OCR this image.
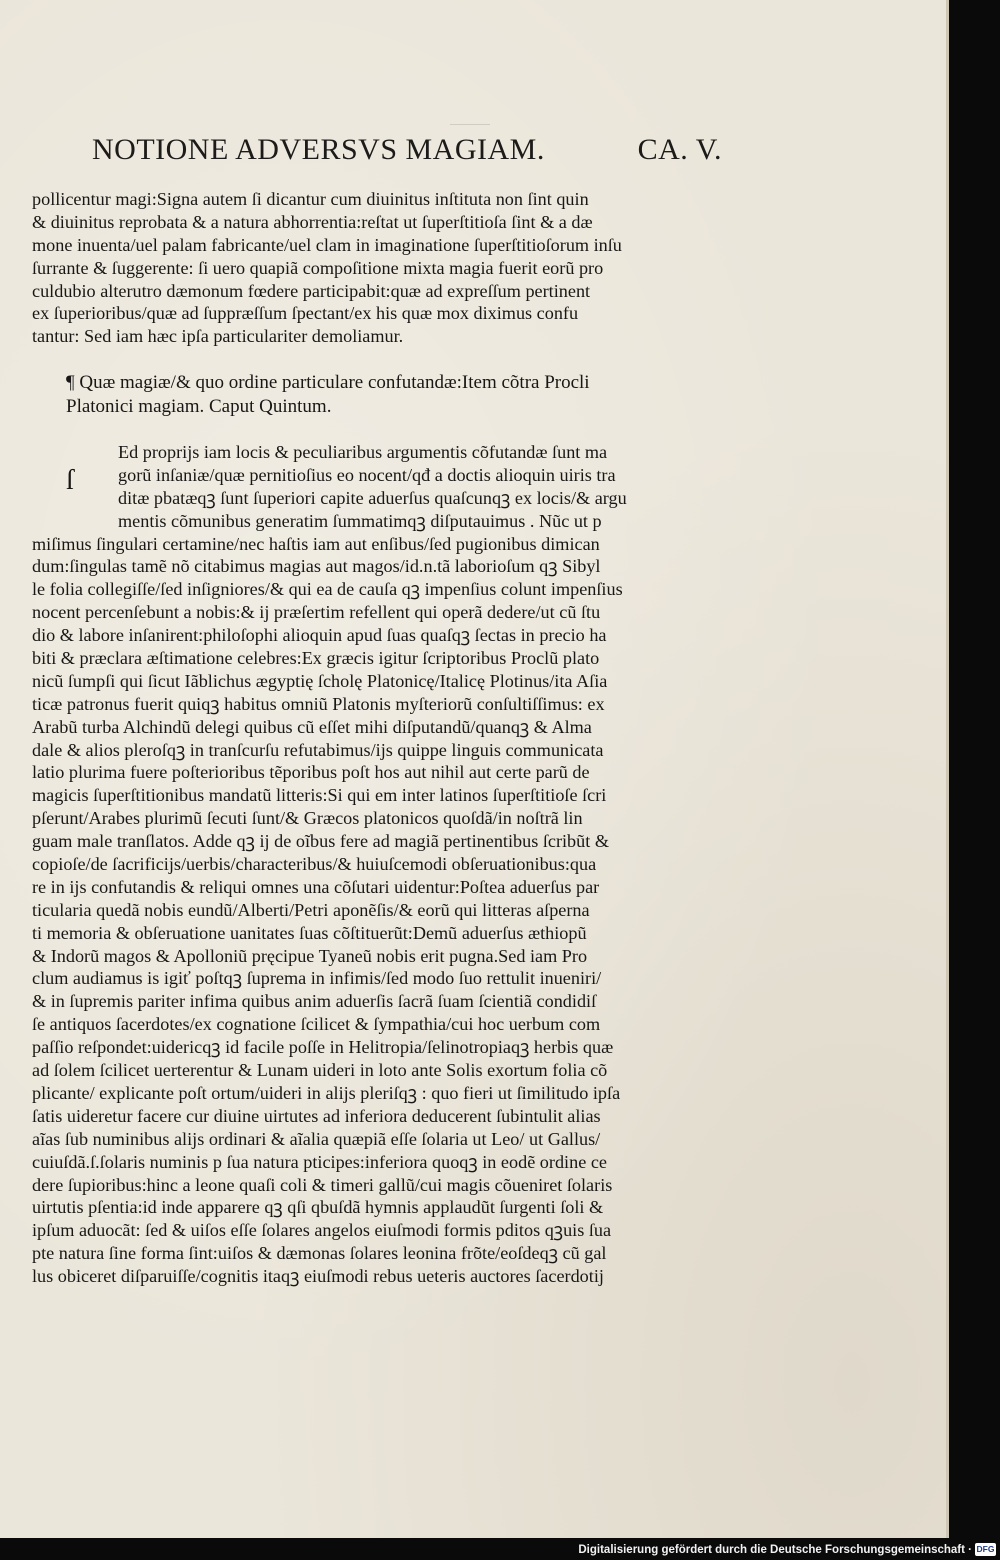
NOTIONE ADVERSVS MAGIAM.	CA. V.
pollicentur magi:Signa autem ſi dicantur cum diuinitus inſtituta non ſint quin
& diuinitus reprobata & a natura abhorrentia:reſtat ut ſuperſtitioſa ſint & a dæ
mone inuenta/uel palam fabricante/uel clam in imaginatione ſuperſtitioſorum inſu
ſurrante & ſuggerente: ſi uero quapiã compoſitione mixta magia fuerit eorũ pro
culdubio alterutro dæmonum fœdere participabit:quæ ad expreſſum pertinent
ex ſuperioribus/quæ ad ſuppræſſum ſpectant/ex his quæ mox diximus confu
tantur: Sed iam hæc ipſa particulariter demoliamur.
¶ Quæ magiæ/& quo ordine particulare confutandæ:Item cõtra Procli
Platonici magiam. Caput Quintum.
ſ
Ed proprijs iam locis & peculiaribus argumentis cõfutandæ ſunt ma
gorũ inſaniæ/quæ pernitioſius eo nocent/qđ a doctis alioquin uiris tra
ditæ pbatæqꝫ ſunt ſuperiori capite aduerſus quaſcunqꝫ ex locis/& argu
mentis cõmunibus generatim ſummatimqꝫ diſputauimus . Nũc ut p
miſimus ſingulari certamine/nec haſtis iam aut enſibus/ſed pugionibus dimican
dum:ſingulas tamẽ nõ citabimus magias aut magos/id.n.tã laborioſum qꝫ Sibyl
le folia collegiſſe/ſed inſigniores/& qui ea de cauſa qꝫ impenſius colunt impenſius
nocent percenſebunt a nobis:& ij præſertim refellent qui operã dedere/ut cũ ſtu
dio & labore inſanirent:philoſophi alioquin apud ſuas quaſqꝫ ſectas in precio ha
biti & præclara æſtimatione celebres:Ex græcis igitur ſcriptoribus Proclũ plato
nicũ ſumpſi qui ſicut Iãblichus ægyptię ſcholę Platonicę/Italicę Plotinus/ita Aſia
ticæ patronus fuerit quiqꝫ habitus omniũ Platonis myſteriorũ conſultiſſimus: ex
Arabũ turba Alchindũ delegi quibus cũ eſſet mihi diſputandũ/quanqꝫ & Alma
dale & alios pleroſqꝫ in tranſcurſu refutabimus/ijs quippe linguis communicata
latio plurima fuere poſterioribus tẽporibus poſt hos aut nihil aut certe parũ de
magicis ſuperſtitionibus mandatũ litteris:Si qui em inter latinos ſuperſtitioſe ſcri
pſerunt/Arabes plurimũ ſecuti ſunt/& Græcos platonicos quoſdã/in noſtrã lin
guam male tranſlatos. Adde qꝫ ij de oĩbus fere ad magiã pertinentibus ſcribũt &
copioſe/de ſacrificijs/uerbis/characteribus/& huiuſcemodi obſeruationibus:qua
re in ijs confutandis & reliqui omnes una cõſutari uidentur:Poſtea aduerſus par
ticularia quedã nobis eundũ/Alberti/Petri aponẽſis/& eorũ qui litteras aſperna
ti memoria & obſeruatione uanitates ſuas cõſtituerũt:Demũ aduerſus æthiopũ
& Indorũ magos & Apolloniũ pręcipue Tyaneũ nobis erit pugna.Sed iam Pro
clum audiamus is igiť poſtqꝫ ſuprema in infimis/ſed modo ſuo rettulit inueniri/
& in ſupremis pariter infima quibus anim aduerſis ſacrã ſuam ſcientiã condidiſ
ſe antiquos ſacerdotes/ex cognatione ſcilicet & ſympathia/cui hoc uerbum com
paſſio reſpondet:uidericqꝫ id facile poſſe in Helitropia/ſelinotropiaqꝫ herbis quæ
ad ſolem ſcilicet uerterentur & Lunam uideri in loto ante Solis exortum folia cõ
plicante/ explicante poſt ortum/uideri in alijs pleriſqꝫ : quo fieri ut ſimilitudo ipſa
ſatis uideretur facere cur diuine uirtutes ad inferiora deducerent ſubintulit alias
aĩas ſub numinibus alijs ordinari & aĩalia quæpiã eſſe ſolaria ut Leo/ ut Gallus/
cuiuſdã.ſ.ſolaris numinis p ſua natura pticipes:inferiora quoqꝫ in eodẽ ordine ce
dere ſupioribus:hinc a leone quaſi coli & timeri gallũ/cui magis cõueniret ſolaris
uirtutis pſentia:id inde apparere qꝫ qſi qbuſdã hymnis applaudũt ſurgenti ſoli &
ipſum aduocãt: ſed & uiſos eſſe ſolares angelos eiuſmodi formis pditos qꝫuis ſua
pte natura ſine forma ſint:uiſos & dæmonas ſolares leonina frõte/eoſdeqꝫ cũ gal
lus obiceret diſparuiſſe/cognitis itaqꝫ eiuſmodi rebus ueteris auctores ſacerdotij
Digitalisierung gefördert durch die Deutsche Forschungsgemeinschaft · DFG
